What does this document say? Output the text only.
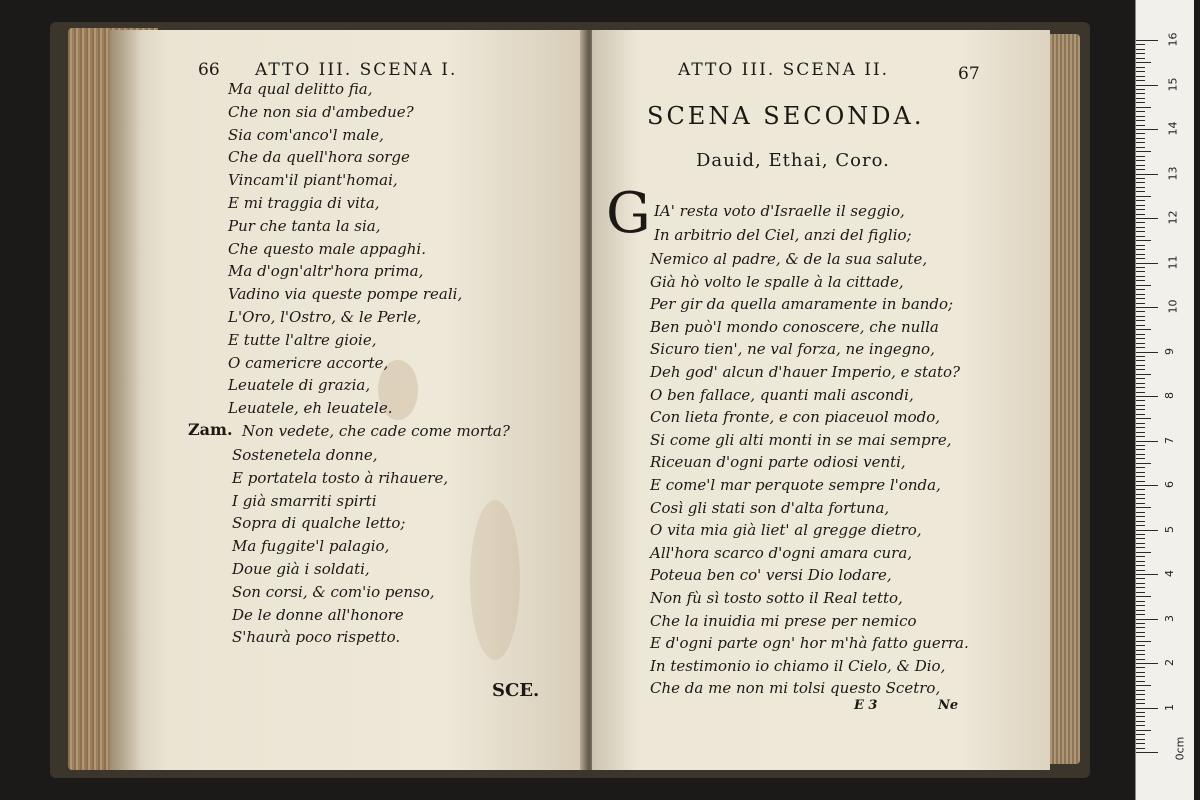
66 ATTO III. SCENA I.
Ma qual delitto fia,
Che non sia d'ambedue?
Sia com'anco'l male,
Che da quell'hora sorge
Vincam'il piant'homai,
E mi traggia di vita,
Pur che tanta la sia,
Che questo male appaghi.
Ma d'ogn'altr'hora prima,
Vadino via queste pompe reali,
L'Oro, l'Ostro, & le Perle,
E tutte l'altre gioie,
O camericre accorte,
Leuatele di grazia,
Leuatele, eh leuatele.
Zam. Non vedete, che cade come morta?
Sostenetela donne,
E portatela tosto à rihauere,
I già smarriti spirti
Sopra di qualche letto;
Ma fuggite'l palagio,
Doue già i soldati,
Son corsi, & com'io penso,
De le donne all'honore
S'haurà poco rispetto.
SCE.
ATTO III. SCENA II.	67
SCENA SECONDA.
Dauid, Ethai, Coro.
G IA' resta voto d'Israelle il seggio,
In arbitrio del Ciel, anzi del figlio;
Nemico al padre, & de la sua salute,
Già hò volto le spalle à la cittade,
Per gir da quella amaramente in bando;
Ben può'l mondo conoscere, che nulla
Sicuro tien', ne val forza, ne ingegno,
Deh god' alcun d'hauer Imperio, e stato?
O ben fallace, quanti mali ascondi,
Con lieta fronte, e con piaceuol modo,
Si come gli alti monti in se mai sempre,
Riceuan d'ogni parte odiosi venti,
E come'l mar perquote sempre l'onda,
Così gli stati son d'alta fortuna,
O vita mia già liet' al gregge dietro,
All'hora scarco d'ogni amara cura,
Poteua ben co' versi Dio lodare,
Non fù sì tosto sotto il Real tetto,
Che la inuidia mi prese per nemico
E d'ogni parte ogn' hor m'hà fatto guerra.
In testimonio io chiamo il Cielo, & Dio,
Che da me non mi tolsi questo Scetro,
E 3	Ne
0cm
16
15
14
13
12
11
10
9
8
7
6
5
4
3
2
1
